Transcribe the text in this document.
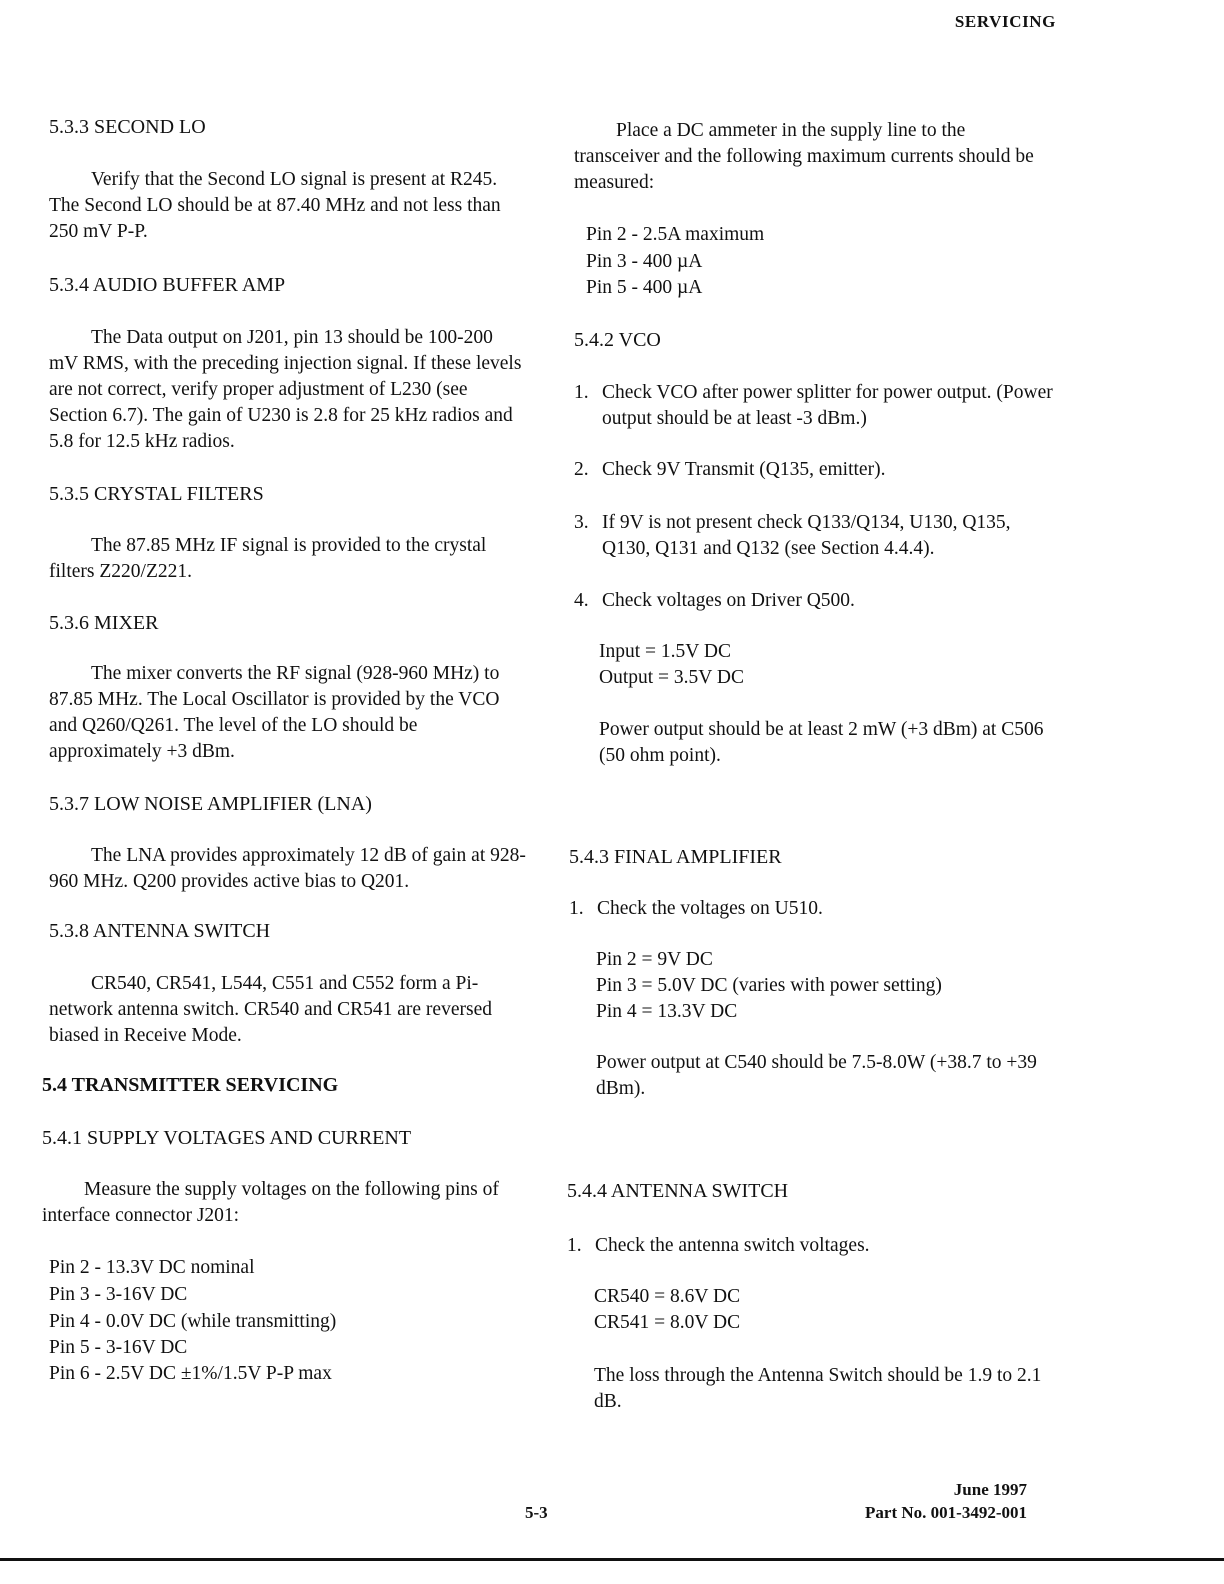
SERVICING
5.3.3 SECOND LO
Verify that the Second LO signal is present at R245. The Second LO should be at 87.40 MHz and not less than 250 mV P-P.
5.3.4 AUDIO BUFFER AMP
The Data output on J201, pin 13 should be 100-200 mV RMS, with the preceding injection signal. If these levels are not correct, verify proper adjustment of L230 (see Section 6.7). The gain of U230 is 2.8 for 25 kHz radios and 5.8 for 12.5 kHz radios.
5.3.5 CRYSTAL FILTERS
The 87.85 MHz IF signal is provided to the crystal filters Z220/Z221.
5.3.6 MIXER
The mixer converts the RF signal (928-960 MHz) to 87.85 MHz. The Local Oscillator is provided by the VCO and Q260/Q261. The level of the LO should be approximately +3 dBm.
5.3.7 LOW NOISE AMPLIFIER (LNA)
The LNA provides approximately 12 dB of gain at 928-960 MHz. Q200 provides active bias to Q201.
5.3.8 ANTENNA SWITCH
CR540, CR541, L544, C551 and C552 form a Pi-network antenna switch. CR540 and CR541 are reversed biased in Receive Mode.
5.4 TRANSMITTER SERVICING
5.4.1 SUPPLY VOLTAGES AND CURRENT
Measure the supply voltages on the following pins of interface connector J201:
Pin 2 - 13.3V DC nominal
Pin 3 - 3-16V DC
Pin 4 - 0.0V DC (while transmitting)
Pin 5 - 3-16V DC
Pin 6 - 2.5V DC ±1%/1.5V P-P max
Place a DC ammeter in the supply line to the transceiver and the following maximum currents should be measured:
Pin 2 - 2.5A maximum
Pin 3 - 400 µA
Pin 5 - 400 µA
5.4.2 VCO
1. Check VCO after power splitter for power output. (Power output should be at least -3 dBm.)
2. Check 9V Transmit (Q135, emitter).
3. If 9V is not present check Q133/Q134, U130, Q135, Q130, Q131 and Q132 (see Section 4.4.4).
4. Check voltages on Driver Q500.
Input = 1.5V DC
Output = 3.5V DC
Power output should be at least 2 mW (+3 dBm) at C506 (50 ohm point).
5.4.3 FINAL AMPLIFIER
1. Check the voltages on U510.
Pin 2 = 9V DC
Pin 3 = 5.0V DC (varies with power setting)
Pin 4 = 13.3V DC
Power output at C540 should be 7.5-8.0W (+38.7 to +39 dBm).
5.4.4 ANTENNA SWITCH
1. Check the antenna switch voltages.
CR540 = 8.6V DC
CR541 = 8.0V DC
The loss through the Antenna Switch should be 1.9 to 2.1 dB.
5-3
June 1997
Part No. 001-3492-001
